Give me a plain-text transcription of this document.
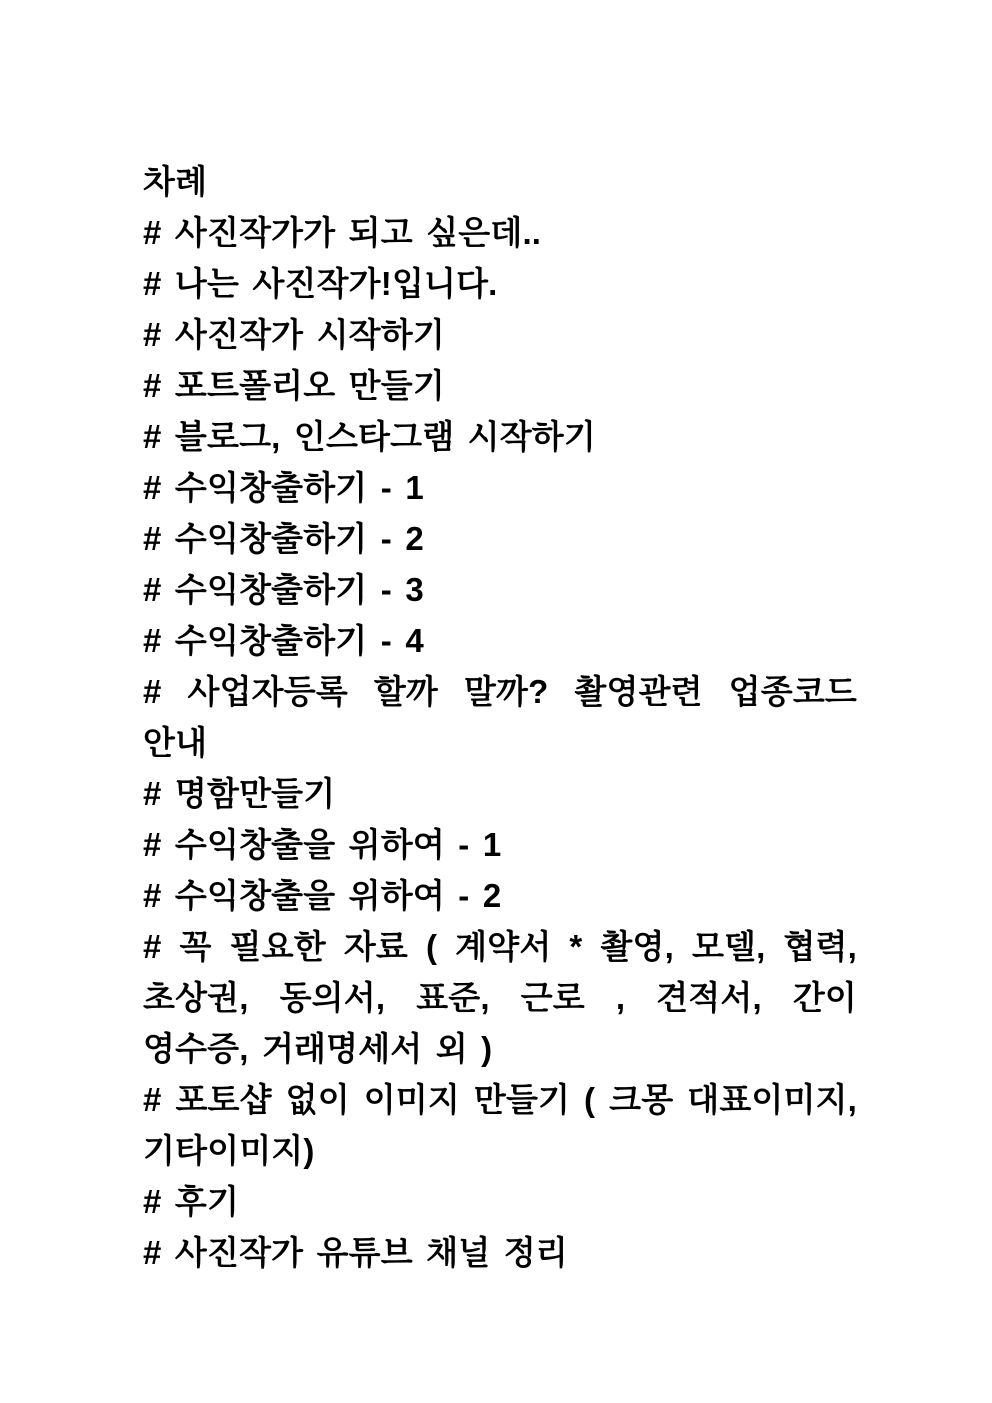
차례

# 사진작가가 되고 싶은데..
# 나는 사진작가!입니다.
# 사진작가 시작하기
# 포트폴리오 만들기
# 블로그, 인스타그램 시작하기
# 수익창출하기 - 1
# 수익창출하기 - 2
# 수익창출하기 - 3
# 수익창출하기 - 4
# 사업자등록 할까 말까? 촬영관련 업종코드 안내
# 명함만들기
# 수익창출을 위하여 - 1
# 수익창출을 위하여 - 2
# 꼭 필요한 자료 ( 계약서 * 촬영, 모델, 협력, 초상권, 동의서, 표준, 근로 , 견적서, 간이 영수증, 거래명세서 외 )
# 포토샵 없이 이미지 만들기 ( 크몽 대표이미지, 기타이미지)
# 후기
# 사진작가 유튜브 채널 정리
